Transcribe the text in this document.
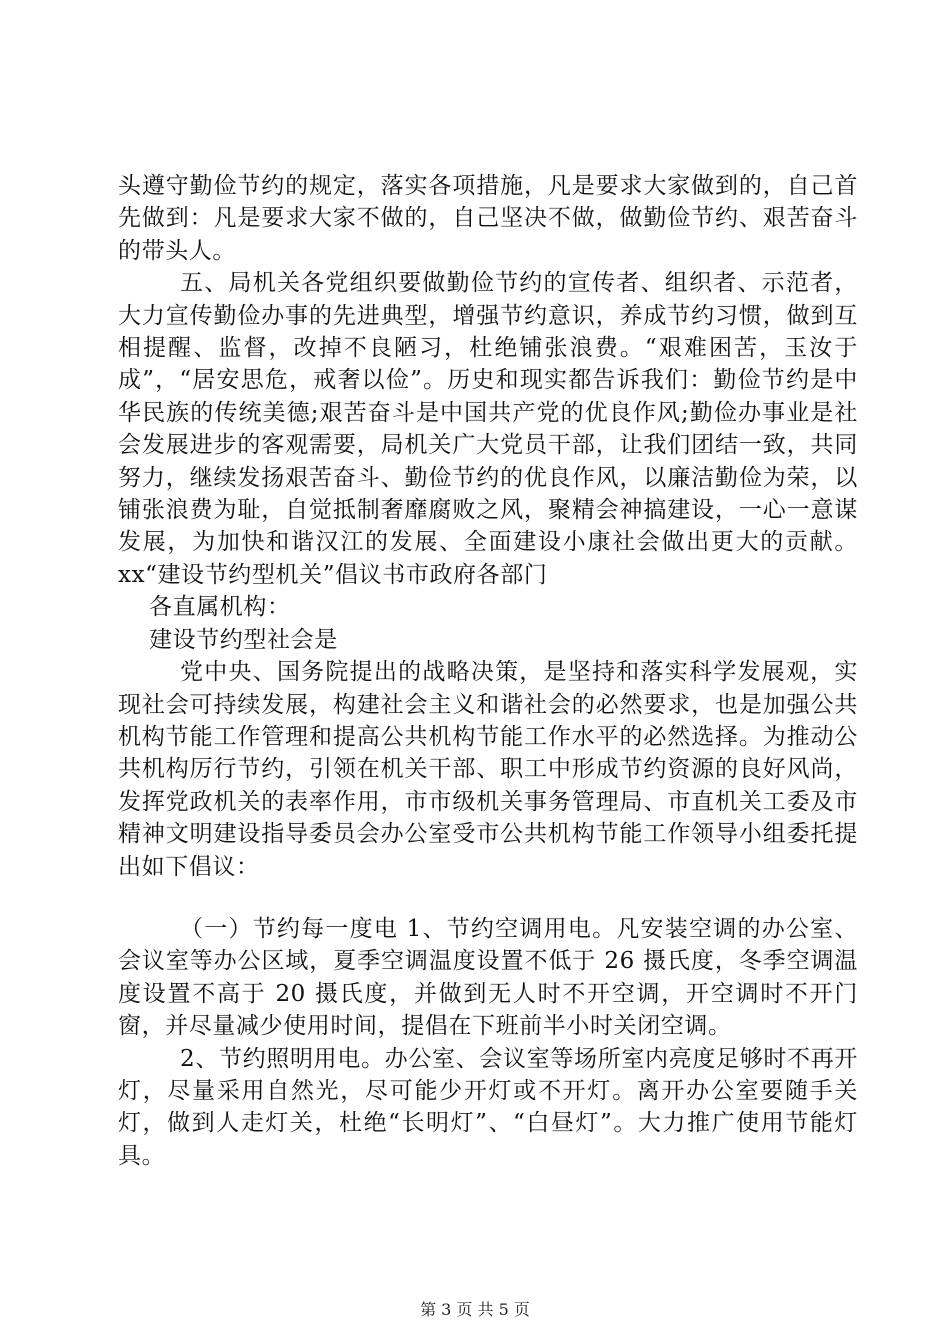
头遵守勤俭节约的规定，落实各项措施，凡是要求大家做到的，自己首先做到：凡是要求大家不做的，自己坚决不做，做勤俭节约、艰苦奋斗的带头人。

五、局机关各党组织要做勤俭节约的宣传者、组织者、示范者，大力宣传勤俭办事的先进典型，增强节约意识，养成节约习惯，做到互相提醒、监督，改掉不良陋习，杜绝铺张浪费。“艰难困苦，玉汝于成”，“居安思危，戒奢以俭”。历史和现实都告诉我们：勤俭节约是中华民族的传统美德;艰苦奋斗是中国共产党的优良作风;勤俭办事业是社会发展进步的客观需要，局机关广大党员干部，让我们团结一致，共同努力，继续发扬艰苦奋斗、勤俭节约的优良作风，以廉洁勤俭为荣，以铺张浪费为耻，自觉抵制奢靡腐败之风，聚精会神搞建设，一心一意谋发展，为加快和谐汉江的发展、全面建设小康社会做出更大的贡献。xx“建设节约型机关”倡议书市政府各部门

各直属机构：

建设节约型社会是

党中央、国务院提出的战略决策，是坚持和落实科学发展观，实现社会可持续发展，构建社会主义和谐社会的必然要求，也是加强公共机构节能工作管理和提高公共机构节能工作水平的必然选择。为推动公共机构厉行节约，引领在机关干部、职工中形成节约资源的良好风尚，发挥党政机关的表率作用，市市级机关事务管理局、市直机关工委及市精神文明建设指导委员会办公室受市公共机构节能工作领导小组委托提出如下倡议：

（一）节约每一度电 1、节约空调用电。凡安装空调的办公室、会议室等办公区域，夏季空调温度设置不低于 26 摄氏度，冬季空调温度设置不高于 20 摄氏度，并做到无人时不开空调，开空调时不开门窗，并尽量减少使用时间，提倡在下班前半小时关闭空调。

2、节约照明用电。办公室、会议室等场所室内亮度足够时不再开灯，尽量采用自然光，尽可能少开灯或不开灯。离开办公室要随手关灯，做到人走灯关，杜绝“长明灯”、“白昼灯”。大力推广使用节能灯具。

第 3 页 共 5 页
